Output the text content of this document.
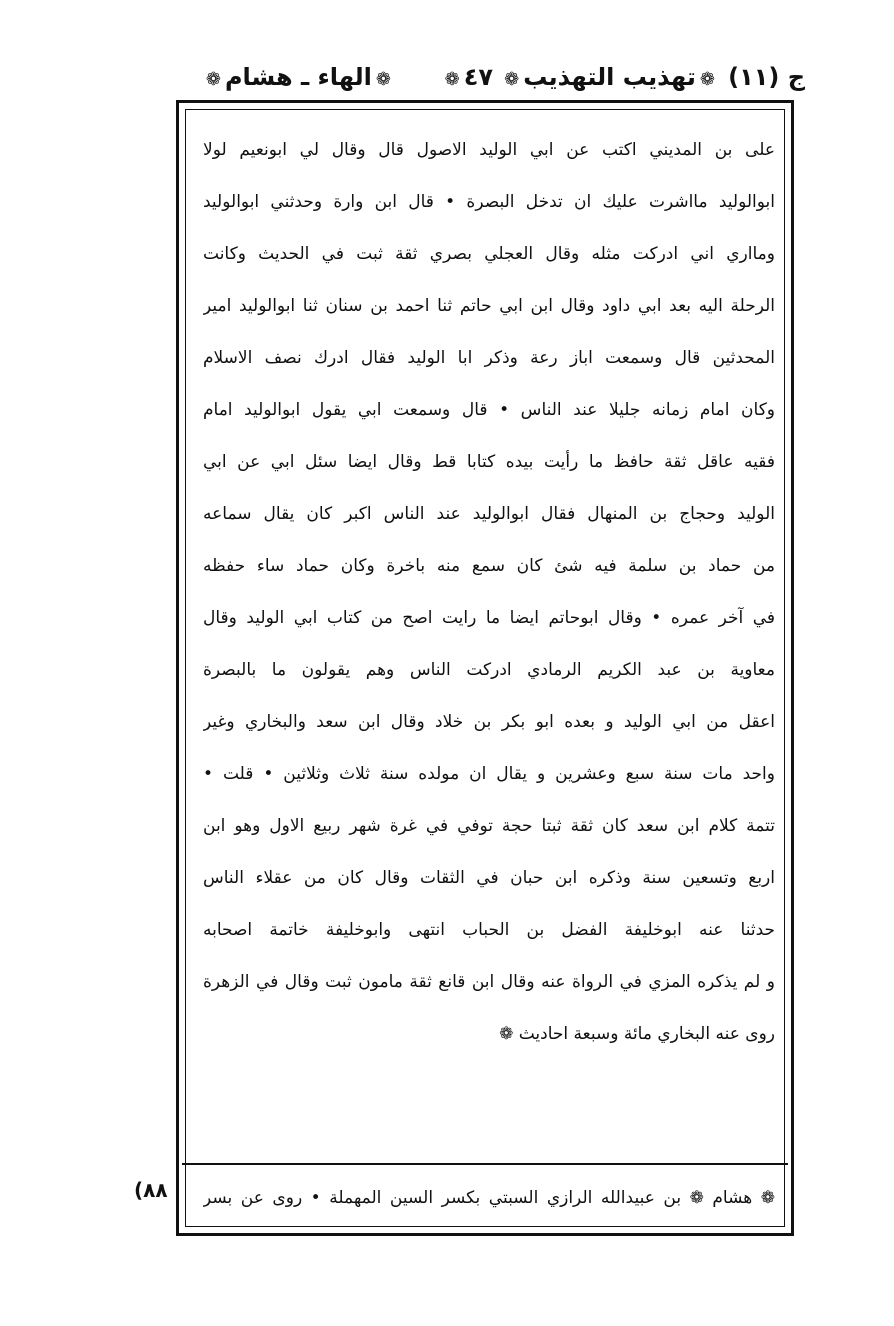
ج (١١)
❁تهذيب التهذيب❁
٤٧❁
❁الهاء ـ هشام❁
على بن المديني اكتب عن ابي الوليد الاصول قال وقال لي ابونعيم لولا
ابوالوليد مااشرت عليك ان تدخل البصرة • قال ابن وارة وحدثني ابوالوليد
ومااري اني ادركت مثله وقال العجلي بصري ثقة ثبت في الحديث وكانت
الرحلة اليه بعد ابي داود وقال ابن ابي حاتم ثنا احمد بن سنان ثنا ابوالوليد امير
المحدثين قال وسمعت اباز رعة وذكر ابا الوليد فقال ادرك نصف الاسلام
وكان امام زمانه جليلا عند الناس • قال وسمعت ابي يقول ابوالوليد امام
فقيه عاقل ثقة حافظ ما رأيت بيده كتابا قط وقال ايضا سئل ابي عن ابي
الوليد وحجاج بن المنهال فقال ابوالوليد عند الناس اكبر كان يقال سماعه
من حماد بن سلمة فيه شئ كان سمع منه باخرة وكان حماد ساء حفظه
في آخر عمره • وقال ابوحاتم ايضا ما رايت اصح من كتاب ابي الوليد وقال
معاوية بن عبد الكريم الرمادي ادركت الناس وهم يقولون ما بالبصرة
اعقل من ابي الوليد و بعده ابو بكر بن خلاد وقال ابن سعد والبخاري وغير
واحد مات سنة سبع وعشرين و يقال ان مولده سنة ثلاث وثلاثين • قلت •
تتمة كلام ابن سعد كان ثقة ثبتا حجة توفي في غرة شهر ربيع الاول وهو ابن
اربع وتسعين سنة وذكره ابن حبان في الثقات وقال كان من عقلاء الناس
حدثنا عنه ابوخليفة الفضل بن الحباب انتهى وابوخليفة خاتمة اصحابه
و لم يذكره المزي في الرواة عنه وقال ابن قانع ثقة مامون ثبت وقال في الزهرة
روى عنه البخاري مائة وسبعة احاديث ❁
❁ هشام ❁ بن عبيدالله الرازي السبتي بكسر السين المهملة • روى عن بسر
٨٨)
